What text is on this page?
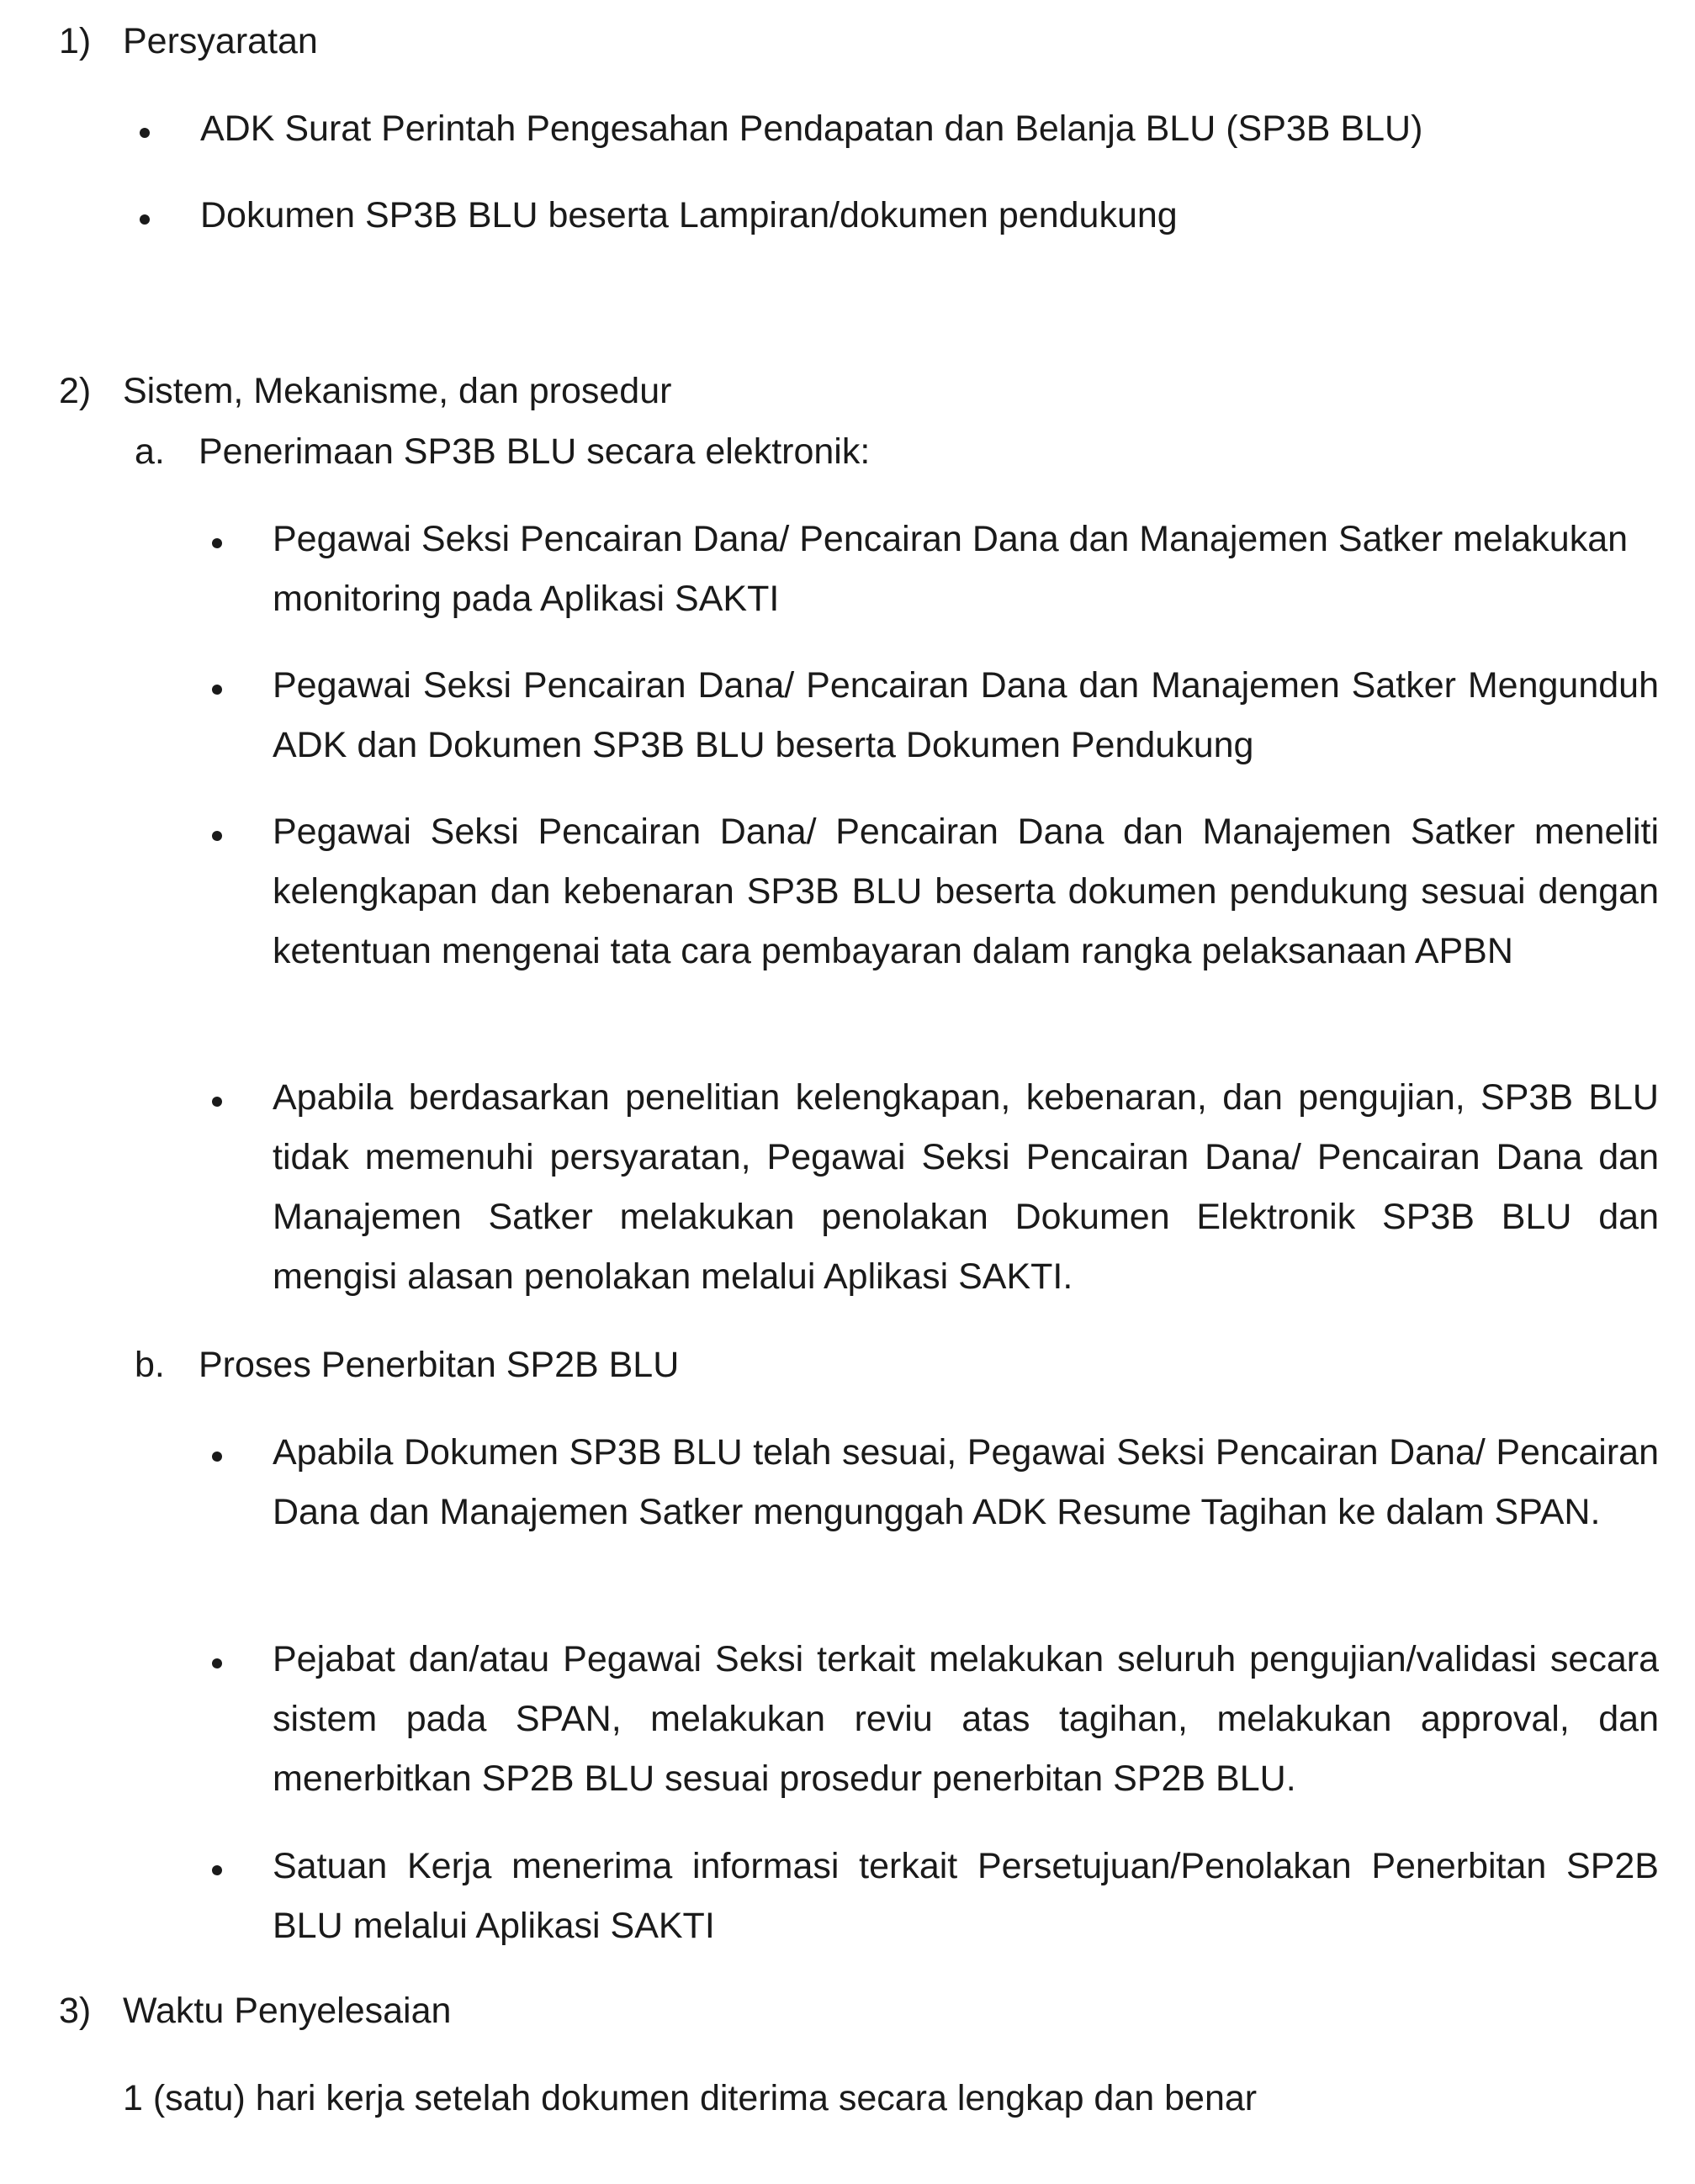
1) Persyaratan
ADK Surat Perintah Pengesahan Pendapatan dan Belanja BLU (SP3B BLU)
Dokumen SP3B BLU beserta Lampiran/dokumen pendukung
2) Sistem, Mekanisme, dan prosedur
a. Penerimaan SP3B BLU secara elektronik:

Pegawai Seksi Pencairan Dana/ Pencairan Dana dan Manajemen Satker melakukan monitoring pada Aplikasi SAKTI

Pegawai Seksi Pencairan Dana/ Pencairan Dana dan Manajemen Satker Mengunduh ADK dan Dokumen SP3B BLU beserta Dokumen Pendukung

Pegawai Seksi Pencairan Dana/ Pencairan Dana dan Manajemen Satker meneliti kelengkapan dan kebenaran SP3B BLU beserta dokumen pendukung sesuai dengan ketentuan mengenai tata cara pembayaran dalam rangka pelaksanaan APBN

Apabila berdasarkan penelitian kelengkapan, kebenaran, dan pengujian, SP3B BLU tidak memenuhi persyaratan, Pegawai Seksi Pencairan Dana/ Pencairan Dana dan Manajemen Satker melakukan penolakan Dokumen Elektronik SP3B BLU dan mengisi alasan penolakan melalui Aplikasi SAKTI.

b. Proses Penerbitan SP2B BLU

Apabila Dokumen SP3B BLU telah sesuai, Pegawai Seksi Pencairan Dana/ Pencairan Dana dan Manajemen Satker mengunggah ADK Resume Tagihan ke dalam SPAN.

Pejabat dan/atau Pegawai Seksi terkait melakukan seluruh pengujian/validasi secara sistem pada SPAN, melakukan reviu atas tagihan, melakukan approval, dan menerbitkan SP2B BLU sesuai prosedur penerbitan SP2B BLU.

Satuan Kerja menerima informasi terkait Persetujuan/Penolakan Penerbitan SP2B BLU melalui Aplikasi SAKTI

3) Waktu Penyelesaian
1 (satu) hari kerja setelah dokumen diterima secara lengkap dan benar
